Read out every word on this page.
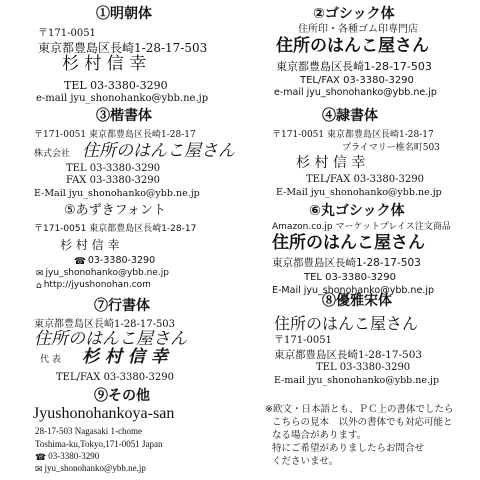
①明朝体
〒171-0051
東京都豊島区長崎1-28-17-503
杉 村 信 幸
TEL 03-3380-3290
e-mail jyu_shonohanko@ybb.ne.jp
②ゴシック体
住所印・各種ゴム印専門店
住所のはんこ屋さん
東京都豊島区長崎1-28-17-503
TEL/FAX 03-3380-3290
e-mail jyu_shonohanko@ybb.ne.jp
③楷書体
〒171-0051 東京都豊島区長崎1-28-17
株式会社 住所のはんこ屋さん
TEL 03-3380-3290
FAX 03-3380-3290
E-Mail jyu_shonohanko@ybb.ne.jp
④隷書体
〒171-0051 東京都豊島区長崎1-28-17
プライマリー椎名町503
杉 村 信 幸
TEL/FAX 03-3380-3290
E-Mail jyu_shonohanko@ybb.ne.jp
⑤あずきフォント
〒171-0051 東京都豊島区長崎1-28-17
杉 村 信 幸
☎ 03-3380-3290
✉ jyu_shonohanko@ybb.ne.jp
⌂ http://jyushonohan.com
⑥丸ゴシック体
Amazon.co.jp マーケットプレイス注文商品
住所のはんこ屋さん
東京都豊島区長崎1-28-17-503
TEL 03-3380-3290
E-Mail jyu_shonohanko@ybb.ne.jp
⑦行書体
東京都豊島区長崎1-28-17-503
住所のはんこ屋さん
代 表 杉 村 信 幸
TEL/FAX 03-3380-3290
⑧優雅宋体
住所のはんこ屋さん
〒171-0051
東京都豊島区長崎1-28-17-503
TEL 03-3380-3290
E-mail jyu_shonohanko@ybb.ne.jp
⑨その他
Jyushonohankoya-san
28-17-503 Nagasaki 1-chome
Toshima-ku,Tokyo,171-0051 Japan
☎ 03-3380-3290
✉ jyu_shonohanko@ybb.ne.jp
※欧文・日本語とも、ＰＣ上の書体でしたら
こちらの見本　以外の書体でも対応可能と
なる場合があります。
特にご希望がありましたらお問合せ
くださいませ。
